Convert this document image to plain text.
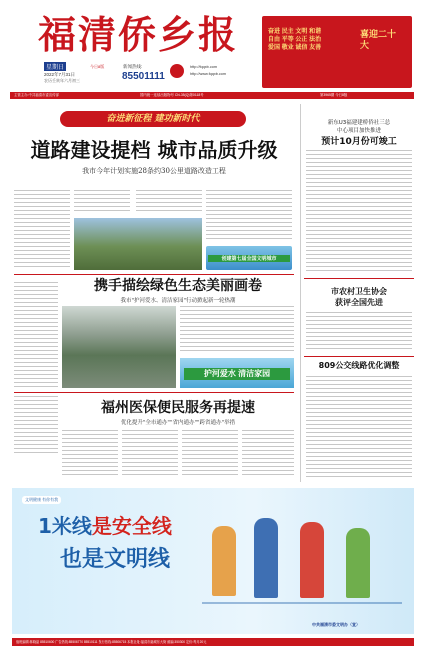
福清侨乡报
星期日
2022年7月31日
农历壬寅年六月初三
今日8版	新闻热线:
85501111
http://fqqxb.com
http://www.fqqxb.com
奋进 民主 文明 和谐
自由 平等 公正 法治
爱国 敬业 诚信 友善
喜迎二十大
主管主办:中共福清市委宣传部	国内统一连续出版物号 CN-35(Q)第0118号	第3965期 今日8版
奋进新征程 建功新时代
道路建设提档 城市品质升级
我市今年计划实施28条约30公里道路改造工程
创建第七届全国文明城市
携手描绘绿色生态美丽画卷
我市"护河爱水、清洁家园"行动掀起新一轮热潮
护河爱水 清洁家园
福州医保便民服务再提速
优化提升"全市通办""省内通办""跨省通办"举措
新东U3福建建桥侨社三总
中心项目加快推进
预计10月份可竣工
市农村卫生协会
获评全国先进
809公交线路优化调整
文明健康 有你有我
1米线是安全线
也是文明线
中共福清市委文明办（宣）
值班编辑:林晓晶 85510600 广告热线:85506770 85510111 发行热线:85506715 本报社址:福清市融城东大街 邮编:350300 定价:每月20元
